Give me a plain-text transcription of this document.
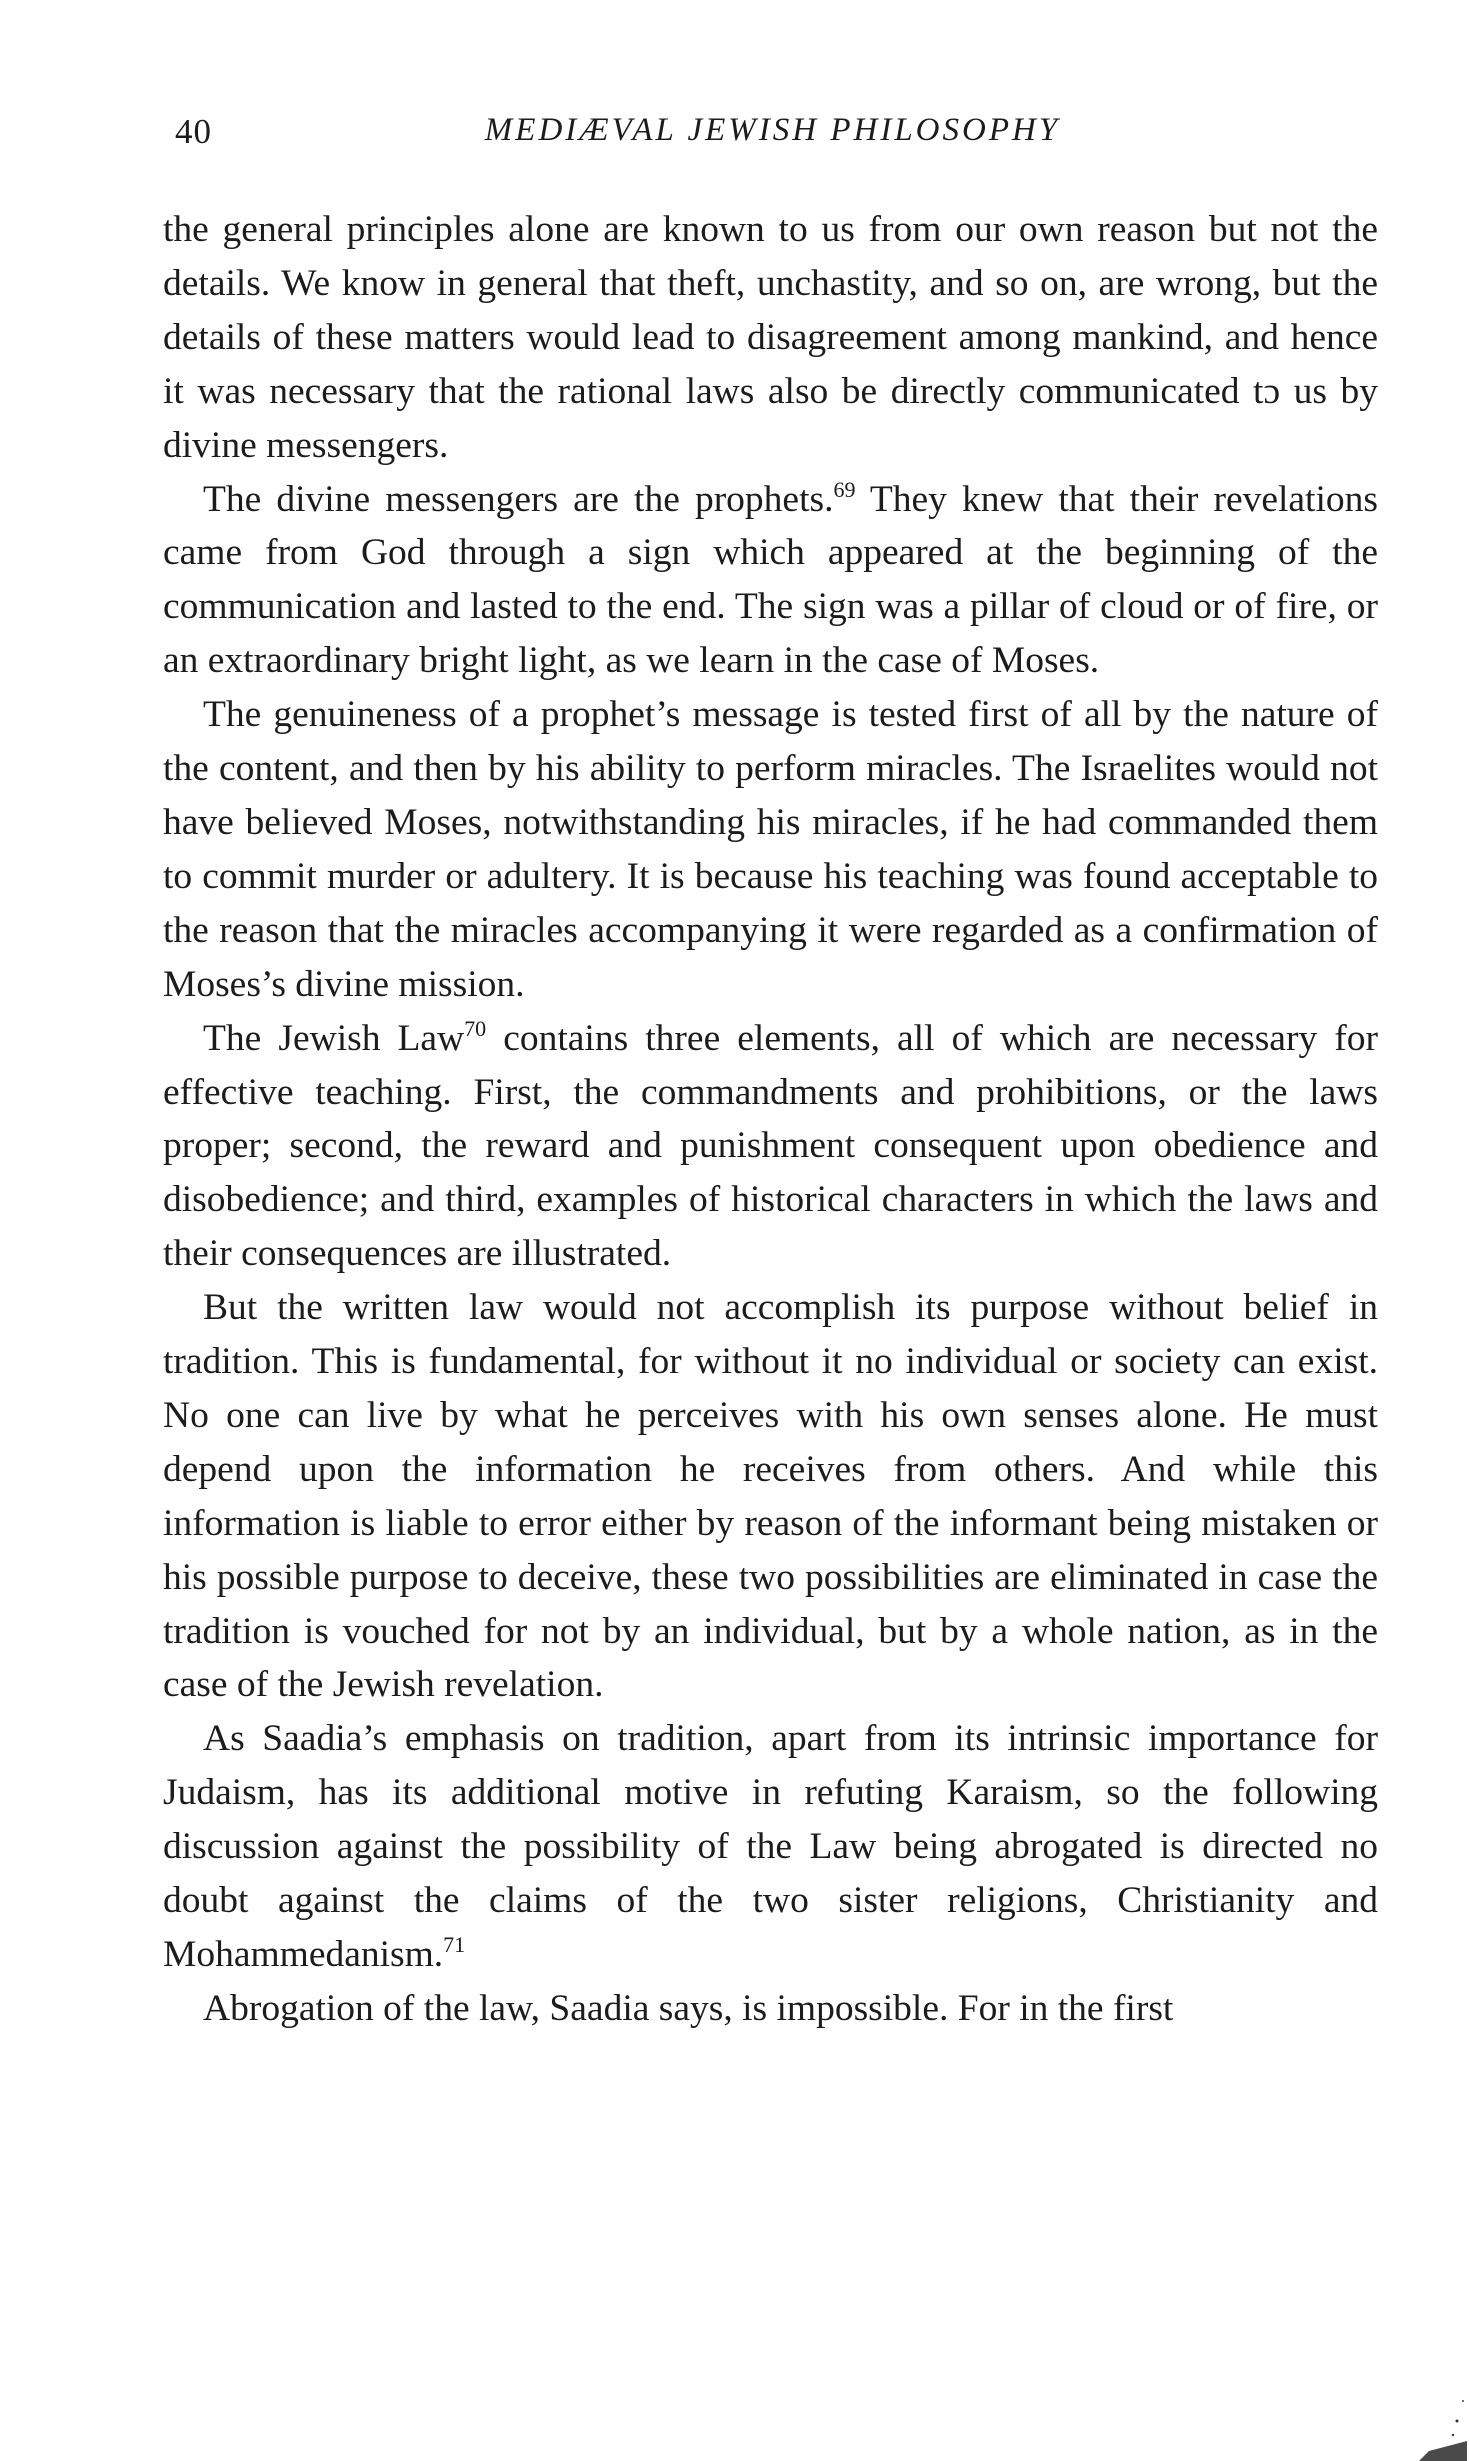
40	MEDIÆVAL JEWISH PHILOSOPHY

the general principles alone are known to us from our own reason but not the details. We know in general that theft, unchastity, and so on, are wrong, but the details of these matters would lead to disagreement among mankind, and hence it was necessary that the rational laws also be directly communicated tɔ us by divine messengers.

The divine messengers are the prophets.$^{69}$ They knew that their revelations came from God through a sign which appeared at the beginning of the communication and lasted to the end. The sign was a pillar of cloud or of fire, or an extraordinary bright light, as we learn in the case of Moses.

The genuineness of a prophet’s message is tested first of all by the nature of the content, and then by his ability to perform miracles. The Israelites would not have believed Moses, notwithstanding his miracles, if he had commanded them to commit murder or adultery. It is because his teaching was found acceptable to the reason that the miracles accompanying it were regarded as a confirmation of Moses’s divine mission.

The Jewish Law$^{70}$ contains three elements, all of which are necessary for effective teaching. First, the commandments and prohibitions, or the laws proper; second, the reward and punishment consequent upon obedience and disobedience; and third, examples of historical characters in which the laws and their consequences are illustrated.

But the written law would not accomplish its purpose without belief in tradition. This is fundamental, for without it no individual or society can exist. No one can live by what he perceives with his own senses alone. He must depend upon the information he receives from others. And while this information is liable to error either by reason of the informant being mistaken or his possible purpose to deceive, these two possibilities are eliminated in case the tradition is vouched for not by an individual, but by a whole nation, as in the case of the Jewish revelation.

As Saadia’s emphasis on tradition, apart from its intrinsic importance for Judaism, has its additional motive in refuting Karaism, so the following discussion against the possibility of the Law being abrogated is directed no doubt against the claims of the two sister religions, Christianity and Mohammedanism.$^{71}$

Abrogation of the law, Saadia says, is impossible. For in the first
